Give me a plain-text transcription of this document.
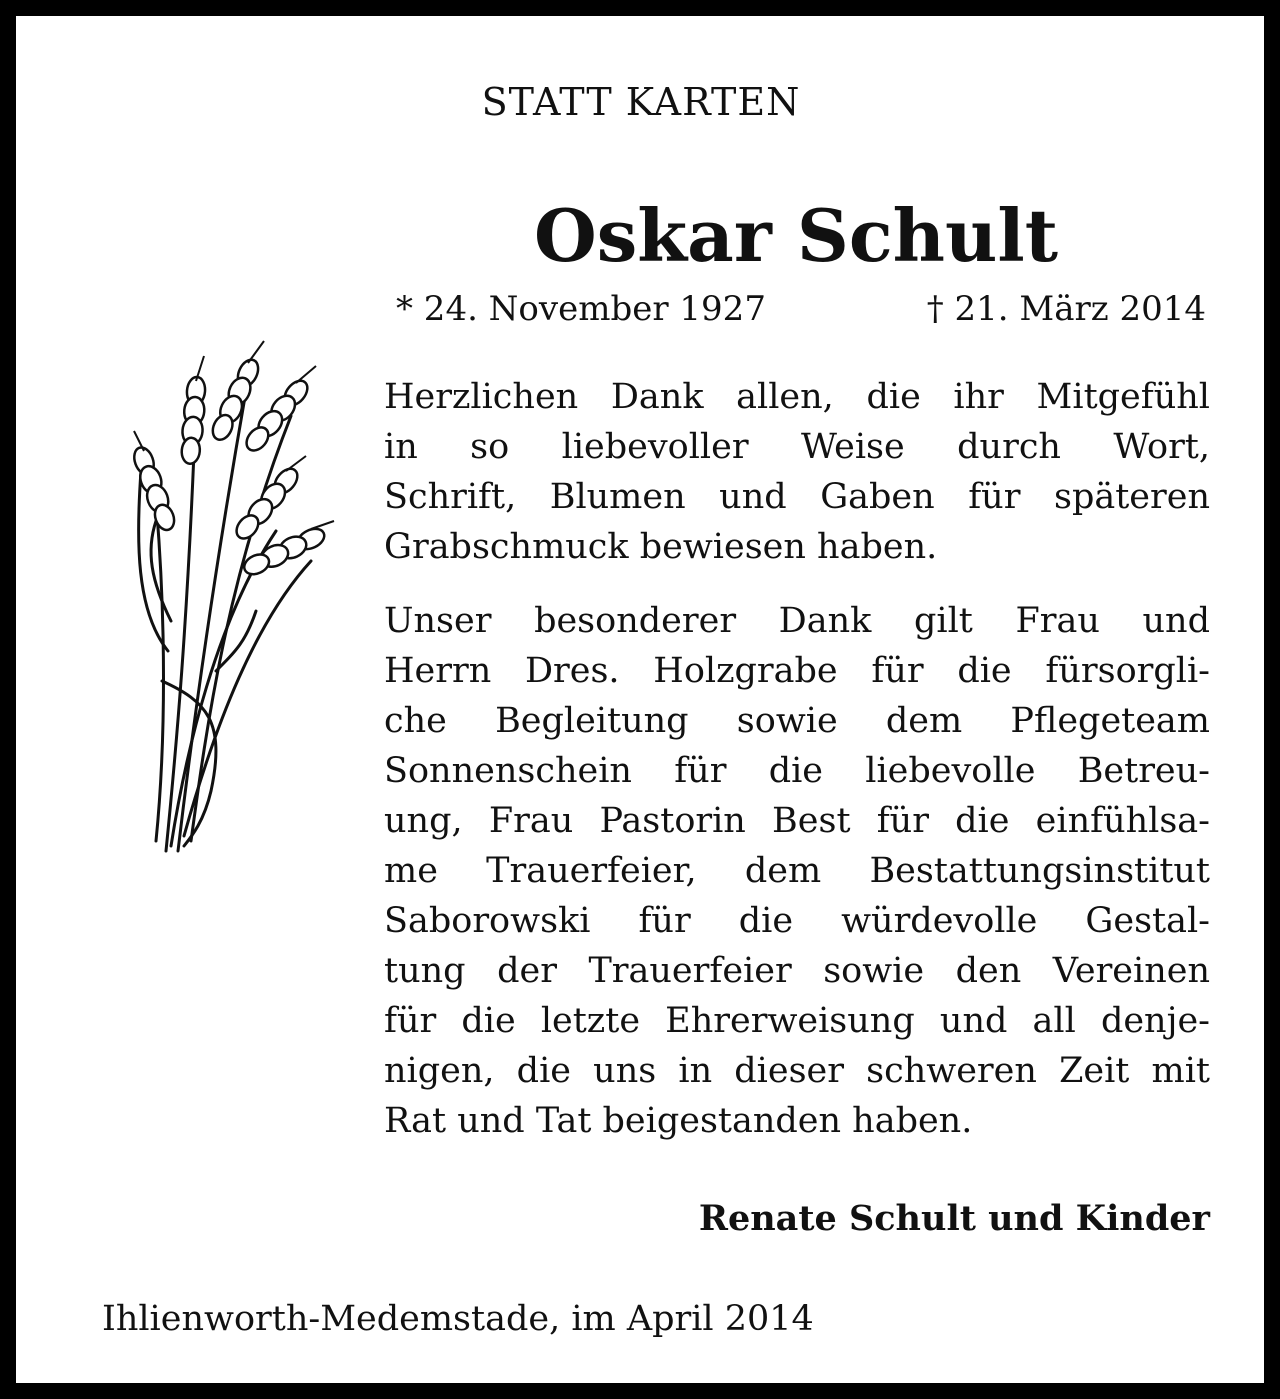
STATT KARTEN
Oskar Schult
* 24. November 1927	† 21. März 2014

Herzlichen Dank allen, die ihr Mitgefühl
in so liebevoller Weise durch Wort,
Schrift, Blumen und Gaben für späteren
Grabschmuck bewiesen haben.

Unser besonderer Dank gilt Frau und
Herrn Dres. Holzgrabe für die fürsorgli-
che Begleitung sowie dem Pflegeteam
Sonnenschein für die liebevolle Betreu-
ung, Frau Pastorin Best für die einfühlsa-
me Trauerfeier, dem Bestattungsinstitut
Saborowski für die würdevolle Gestal-
tung der Trauerfeier sowie den Vereinen
für die letzte Ehrerweisung und all denje-
nigen, die uns in dieser schweren Zeit mit
Rat und Tat beigestanden haben.

Renate Schult und Kinder
Ihlienworth-Medemstade, im April 2014
